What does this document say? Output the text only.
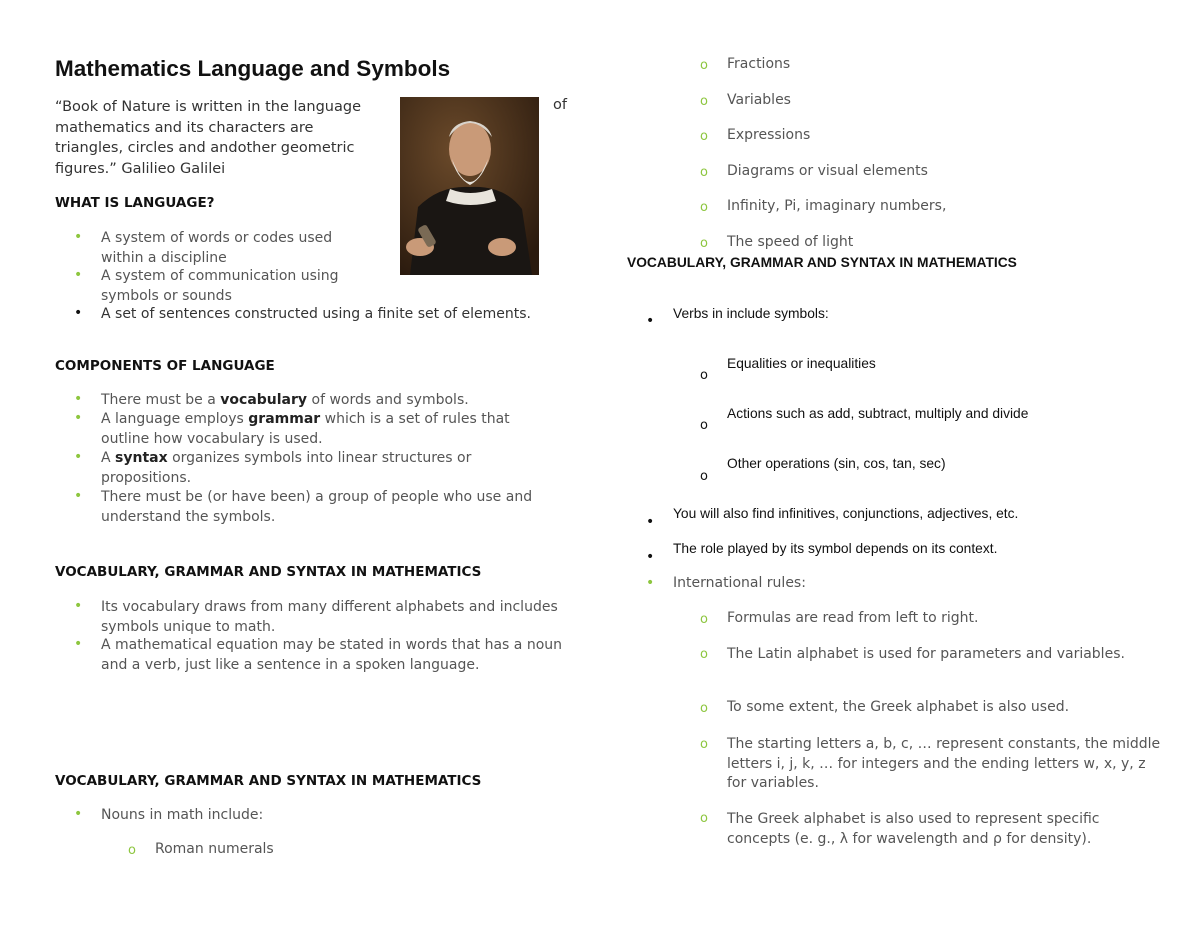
Mathematics Language and Symbols
“Book of Nature is written in the language mathematics and its characters are triangles, circles and andother geometric figures.” Galilieo Galilei
of
WHAT IS LANGUAGE?
• A system of words or codes used within a discipline
• A system of communication using symbols or sounds
• A set of sentences constructed using a finite set of elements.
COMPONENTS OF LANGUAGE
• There must be a vocabulary of words and symbols.
• A language employs grammar which is a set of rules that outline how vocabulary is used.
• A syntax organizes symbols into linear structures or propositions.
• There must be (or have been) a group of people who use and understand the symbols.
VOCABULARY, GRAMMAR AND SYNTAX IN MATHEMATICS
• Its vocabulary draws from many different alphabets and includes symbols unique to math.
• A mathematical equation may be stated in words that has a noun and a verb, just like a sentence in a spoken language.
VOCABULARY, GRAMMAR AND SYNTAX IN MATHEMATICS
• Nouns in math include:
o Roman numerals
o Fractions
o Variables
o Expressions
o Diagrams or visual elements
o Infinity, Pi, imaginary numbers,
o The speed of light
VOCABULARY, GRAMMAR AND SYNTAX IN MATHEMATICS
• Verbs in include symbols:
o
Equalities or inequalities
o
Actions such as add, subtract, multiply and divide
o
Other operations (sin, cos, tan, sec)
•
You will also find infinitives, conjunctions, adjectives, etc.
•
The role played by its symbol depends on its context.
• International rules:
o Formulas are read from left to right.
o The Latin alphabet is used for parameters and variables.
o To some extent, the Greek alphabet is also used.
o The starting letters a, b, c, … represent constants, the middle letters i, j, k, … for integers and the ending letters w, x, y, z for variables.
o The Greek alphabet is also used to represent specific concepts (e. g., λ for wavelength and ρ for density).
